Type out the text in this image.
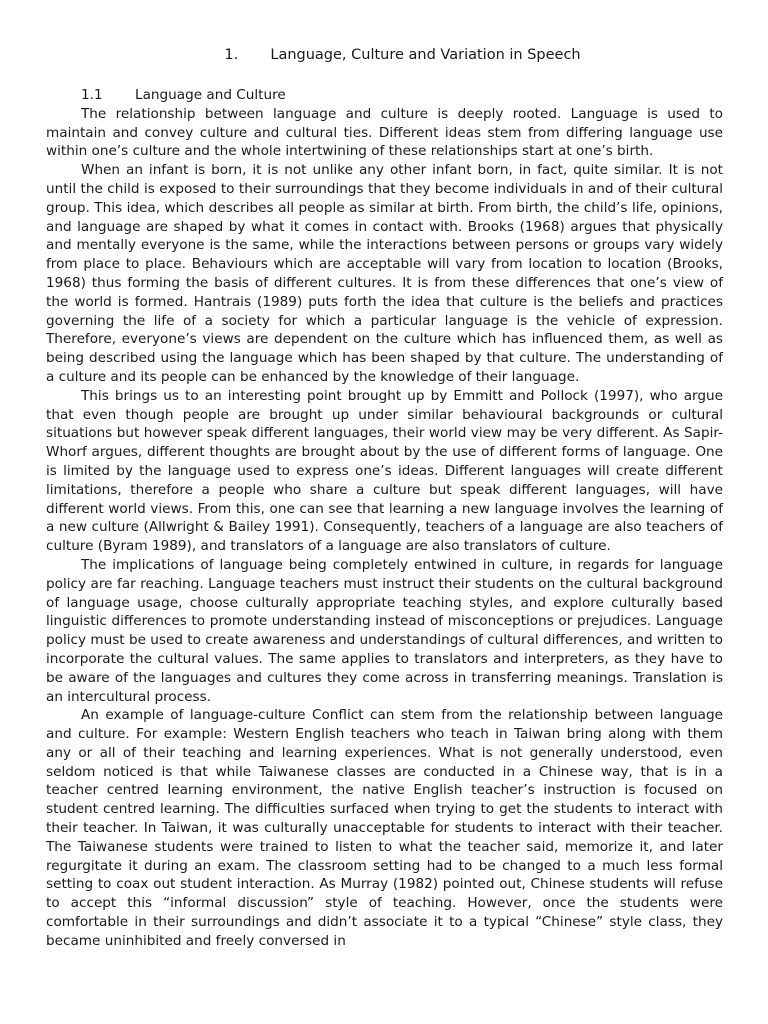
1.	Language, Culture and Variation in Speech
1.1	Language and Culture

The relationship between language and culture is deeply rooted. Language is used to maintain and convey culture and cultural ties. Different ideas stem from differing language use within one’s culture and the whole intertwining of these relationships start at one’s birth.

When an infant is born, it is not unlike any other infant born, in fact, quite similar. It is not until the child is exposed to their surroundings that they become individuals in and of their cultural group. This idea, which describes all people as similar at birth. From birth, the child’s life, opinions, and language are shaped by what it comes in contact with. Brooks (1968) argues that physically and mentally everyone is the same, while the interactions between persons or groups vary widely from place to place. Behaviours which are acceptable will vary from location to location (Brooks, 1968) thus forming the basis of different cultures. It is from these differences that one’s view of the world is formed. Hantrais (1989) puts forth the idea that culture is the beliefs and practices governing the life of a society for which a particular language is the vehicle of expression. Therefore, everyone’s views are dependent on the culture which has influenced them, as well as being described using the language which has been shaped by that culture. The understanding of a culture and its people can be enhanced by the knowledge of their language.

This brings us to an interesting point brought up by Emmitt and Pollock (1997), who argue that even though people are brought up under similar behavioural backgrounds or cultural situations but however speak different languages, their world view may be very different. As Sapir-Whorf argues, different thoughts are brought about by the use of different forms of language. One is limited by the language used to express one’s ideas. Different languages will create different limitations, therefore a people who share a culture but speak different languages, will have different world views. From this, one can see that learning a new language involves the learning of a new culture (Allwright & Bailey 1991). Consequently, teachers of a language are also teachers of culture (Byram 1989), and translators of a language are also translators of culture.

The implications of language being completely entwined in culture, in regards for language policy are far reaching. Language teachers must instruct their students on the cultural background of language usage, choose culturally appropriate teaching styles, and explore culturally based linguistic differences to promote understanding instead of misconceptions or prejudices. Language policy must be used to create awareness and understandings of cultural differences, and written to incorporate the cultural values. The same applies to translators and interpreters, as they have to be aware of the languages and cultures they come across in transferring meanings. Translation is an intercultural process.

An example of language-culture Conflict can stem from the relationship between language and culture. For example: Western English teachers who teach in Taiwan bring along with them any or all of their teaching and learning experiences. What is not generally understood, even seldom noticed is that while Taiwanese classes are conducted in a Chinese way, that is in a teacher centred learning environment, the native English teacher’s instruction is focused on student centred learning. The difficulties surfaced when trying to get the students to interact with their teacher. In Taiwan, it was culturally unacceptable for students to interact with their teacher. The Taiwanese students were trained to listen to what the teacher said, memorize it, and later regurgitate it during an exam. The classroom setting had to be changed to a much less formal setting to coax out student interaction. As Murray (1982) pointed out, Chinese students will refuse to accept this “informal discussion” style of teaching. However, once the students were comfortable in their surroundings and didn’t associate it to a typical “Chinese” style class, they became uninhibited and freely conversed in
